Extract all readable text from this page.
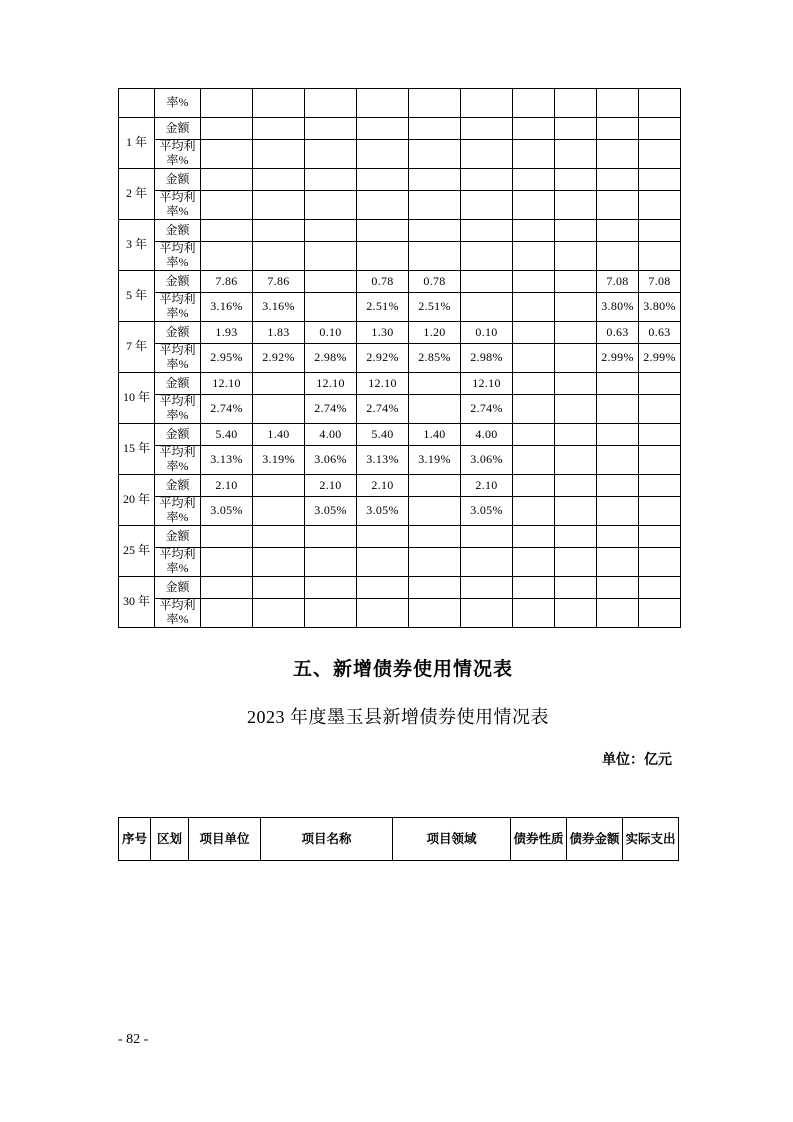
	率%										
1 年	金额										
	平均利率%										
2 年	金额										
	平均利率%										
3 年	金额										
	平均利率%										
5 年	金额	7.86	7.86		0.78	0.78				7.08	7.08
	平均利率%	3.16%	3.16%		2.51%	2.51%				3.80%	3.80%
7 年	金额	1.93	1.83	0.10	1.30	1.20	0.10			0.63	0.63
	平均利率%	2.95%	2.92%	2.98%	2.92%	2.85%	2.98%			2.99%	2.99%
10 年	金额	12.10		12.10	12.10		12.10				
	平均利率%	2.74%		2.74%	2.74%		2.74%				
15 年	金额	5.40	1.40	4.00	5.40	1.40	4.00				
	平均利率%	3.13%	3.19%	3.06%	3.13%	3.19%	3.06%				
20 年	金额	2.10		2.10	2.10		2.10				
	平均利率%	3.05%		3.05%	3.05%		3.05%				
25 年	金额										
	平均利率%										
30 年	金额										
	平均利率%										
五、新增债券使用情况表
2023 年度墨玉县新增债券使用情况表
单位：亿元
序号	区划	项目单位	项目名称	项目领域	债券性质	债券金额	实际支出
- 82 -
